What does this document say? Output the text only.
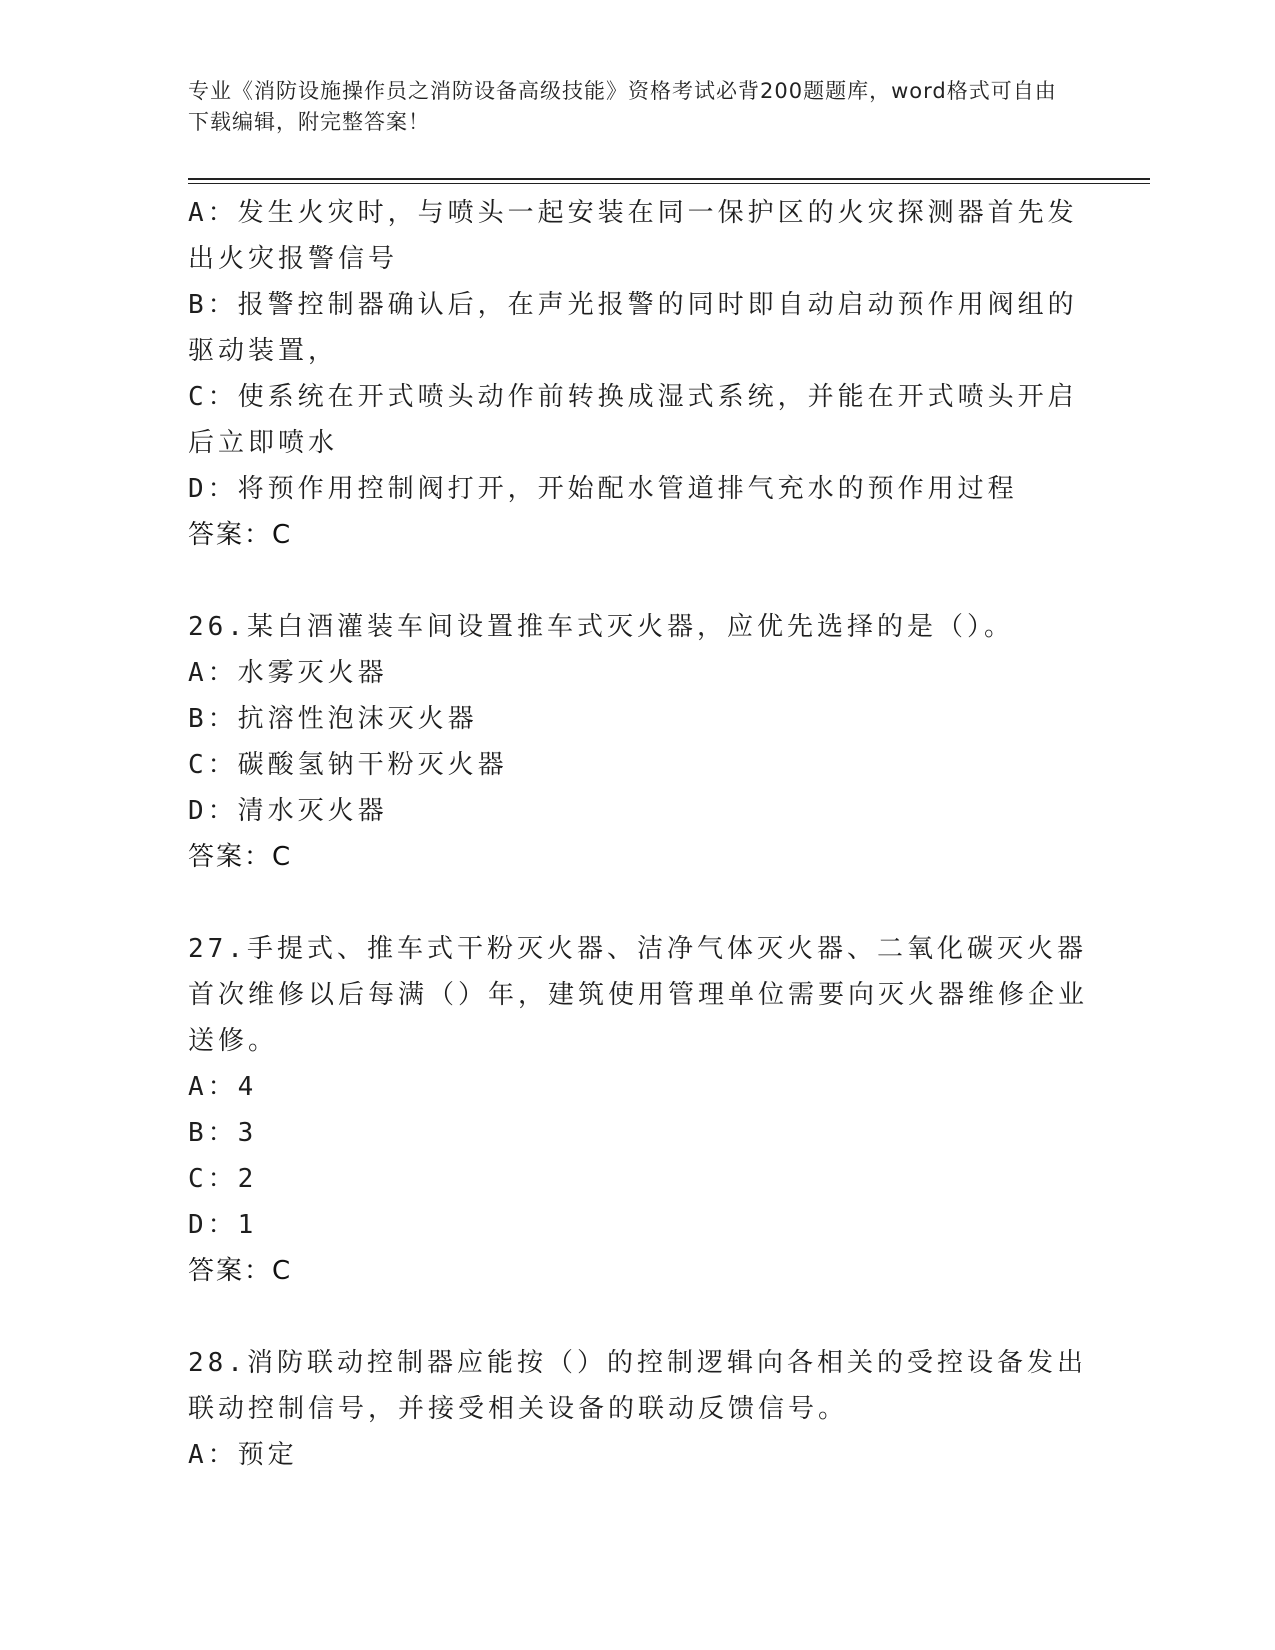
专业《消防设施操作员之消防设备高级技能》资格考试必背200题题库，word格式可自由下载编辑，附完整答案！

A：发生火灾时，与喷头一起安装在同一保护区的火灾探测器首先发出火灾报警信号

B：报警控制器确认后，在声光报警的同时即自动启动预作用阀组的驱动装置，

C：使系统在开式喷头动作前转换成湿式系统，并能在开式喷头开启后立即喷水

D：将预作用控制阀打开，开始配水管道排气充水的预作用过程

答案：C

26.某白酒灌装车间设置推车式灭火器，应优先选择的是（）。

A：水雾灭火器

B：抗溶性泡沫灭火器

C：碳酸氢钠干粉灭火器

D：清水灭火器

答案：C

27.手提式、推车式干粉灭火器、洁净气体灭火器、二氧化碳灭火器首次维修以后每满（）年，建筑使用管理单位需要向灭火器维修企业送修。

A：4

B：3

C：2

D：1

答案：C

28.消防联动控制器应能按（）的控制逻辑向各相关的受控设备发出联动控制信号，并接受相关设备的联动反馈信号。

A：预定
